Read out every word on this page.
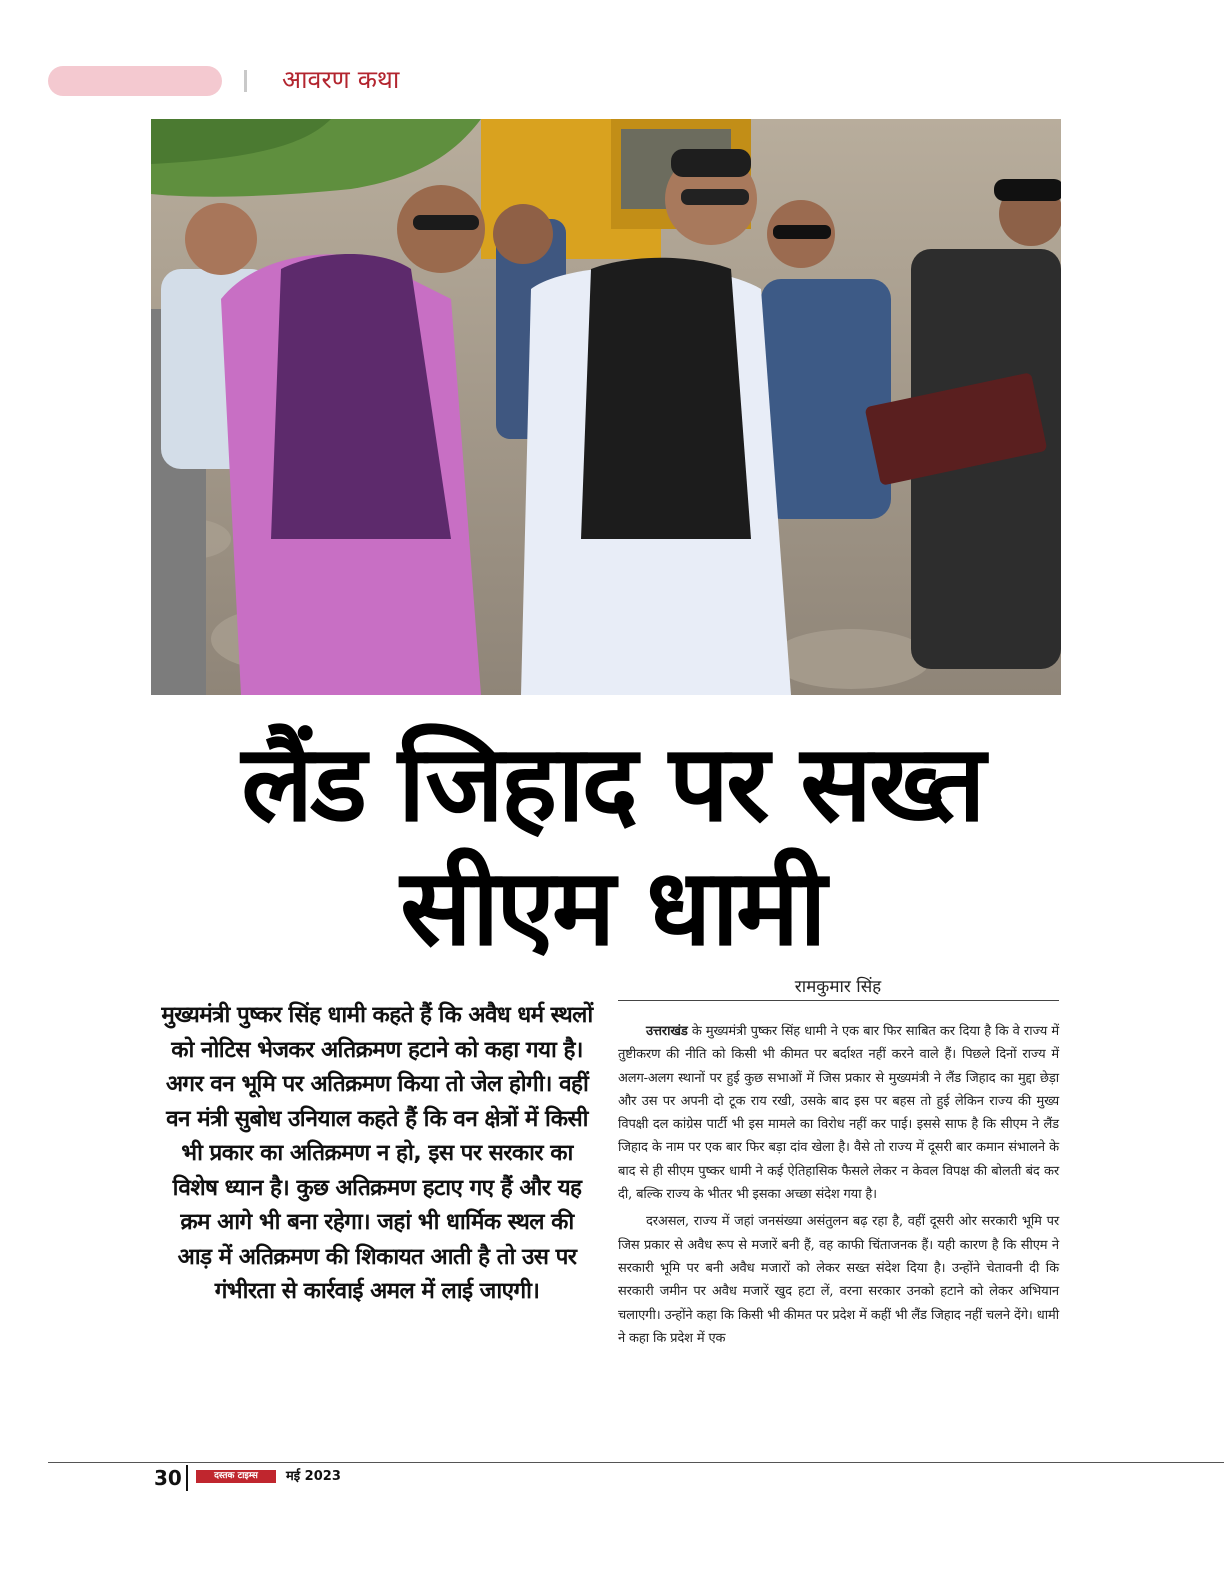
आवरण कथा
लैंड जिहाद पर सख्त
सीएम धामी
मुख्यमंत्री पुष्कर सिंह धामी कहते हैं कि अवैध धर्म स्थलों को नोटिस भेजकर अतिक्रमण हटाने को कहा गया है। अगर वन भूमि पर अतिक्रमण किया तो जेल होगी। वहीं वन मंत्री सुबोध उनियाल कहते हैं कि वन क्षेत्रों में किसी भी प्रकार का अतिक्रमण न हो, इस पर सरकार का विशेष ध्यान है। कुछ अतिक्रमण हटाए गए हैं और यह क्रम आगे भी बना रहेगा। जहां भी धार्मिक स्थल की आड़ में अतिक्रमण की शिकायत आती है तो उस पर गंभीरता से कार्रवाई अमल में लाई जाएगी।
रामकुमार सिंह

उत्तराखंड के मुख्यमंत्री पुष्कर सिंह धामी ने एक बार फिर साबित कर दिया है कि वे राज्य में तुष्टीकरण की नीति को किसी भी कीमत पर बर्दाश्त नहीं करने वाले हैं। पिछले दिनों राज्य में अलग-अलग स्थानों पर हुई कुछ सभाओं में जिस प्रकार से मुख्यमंत्री ने लैंड जिहाद का मुद्दा छेड़ा और उस पर अपनी दो टूक राय रखी, उसके बाद इस पर बहस तो हुई लेकिन राज्य की मुख्य विपक्षी दल कांग्रेस पार्टी भी इस मामले का विरोध नहीं कर पाई। इससे साफ है कि सीएम ने लैंड जिहाद के नाम पर एक बार फिर बड़ा दांव खेला है। वैसे तो राज्य में दूसरी बार कमान संभालने के बाद से ही सीएम पुष्कर धामी ने कई ऐतिहासिक फैसले लेकर न केवल विपक्ष की बोलती बंद कर दी, बल्कि राज्य के भीतर भी इसका अच्छा संदेश गया है।

दरअसल, राज्य में जहां जनसंख्या असंतुलन बढ़ रहा है, वहीं दूसरी ओर सरकारी भूमि पर जिस प्रकार से अवैध रूप से मजारें बनी हैं, वह काफी चिंताजनक हैं। यही कारण है कि सीएम ने सरकारी भूमि पर बनी अवैध मजारों को लेकर सख्त संदेश दिया है। उन्होंने चेतावनी दी कि सरकारी जमीन पर अवैध मजारें खुद हटा लें, वरना सरकार उनको हटाने को लेकर अभियान चलाएगी। उन्होंने कहा कि किसी भी कीमत पर प्रदेश में कहीं भी लैंड जिहाद नहीं चलने देंगे। धामी ने कहा कि प्रदेश में एक

30	दस्तक टाइम्स	मई 2023
